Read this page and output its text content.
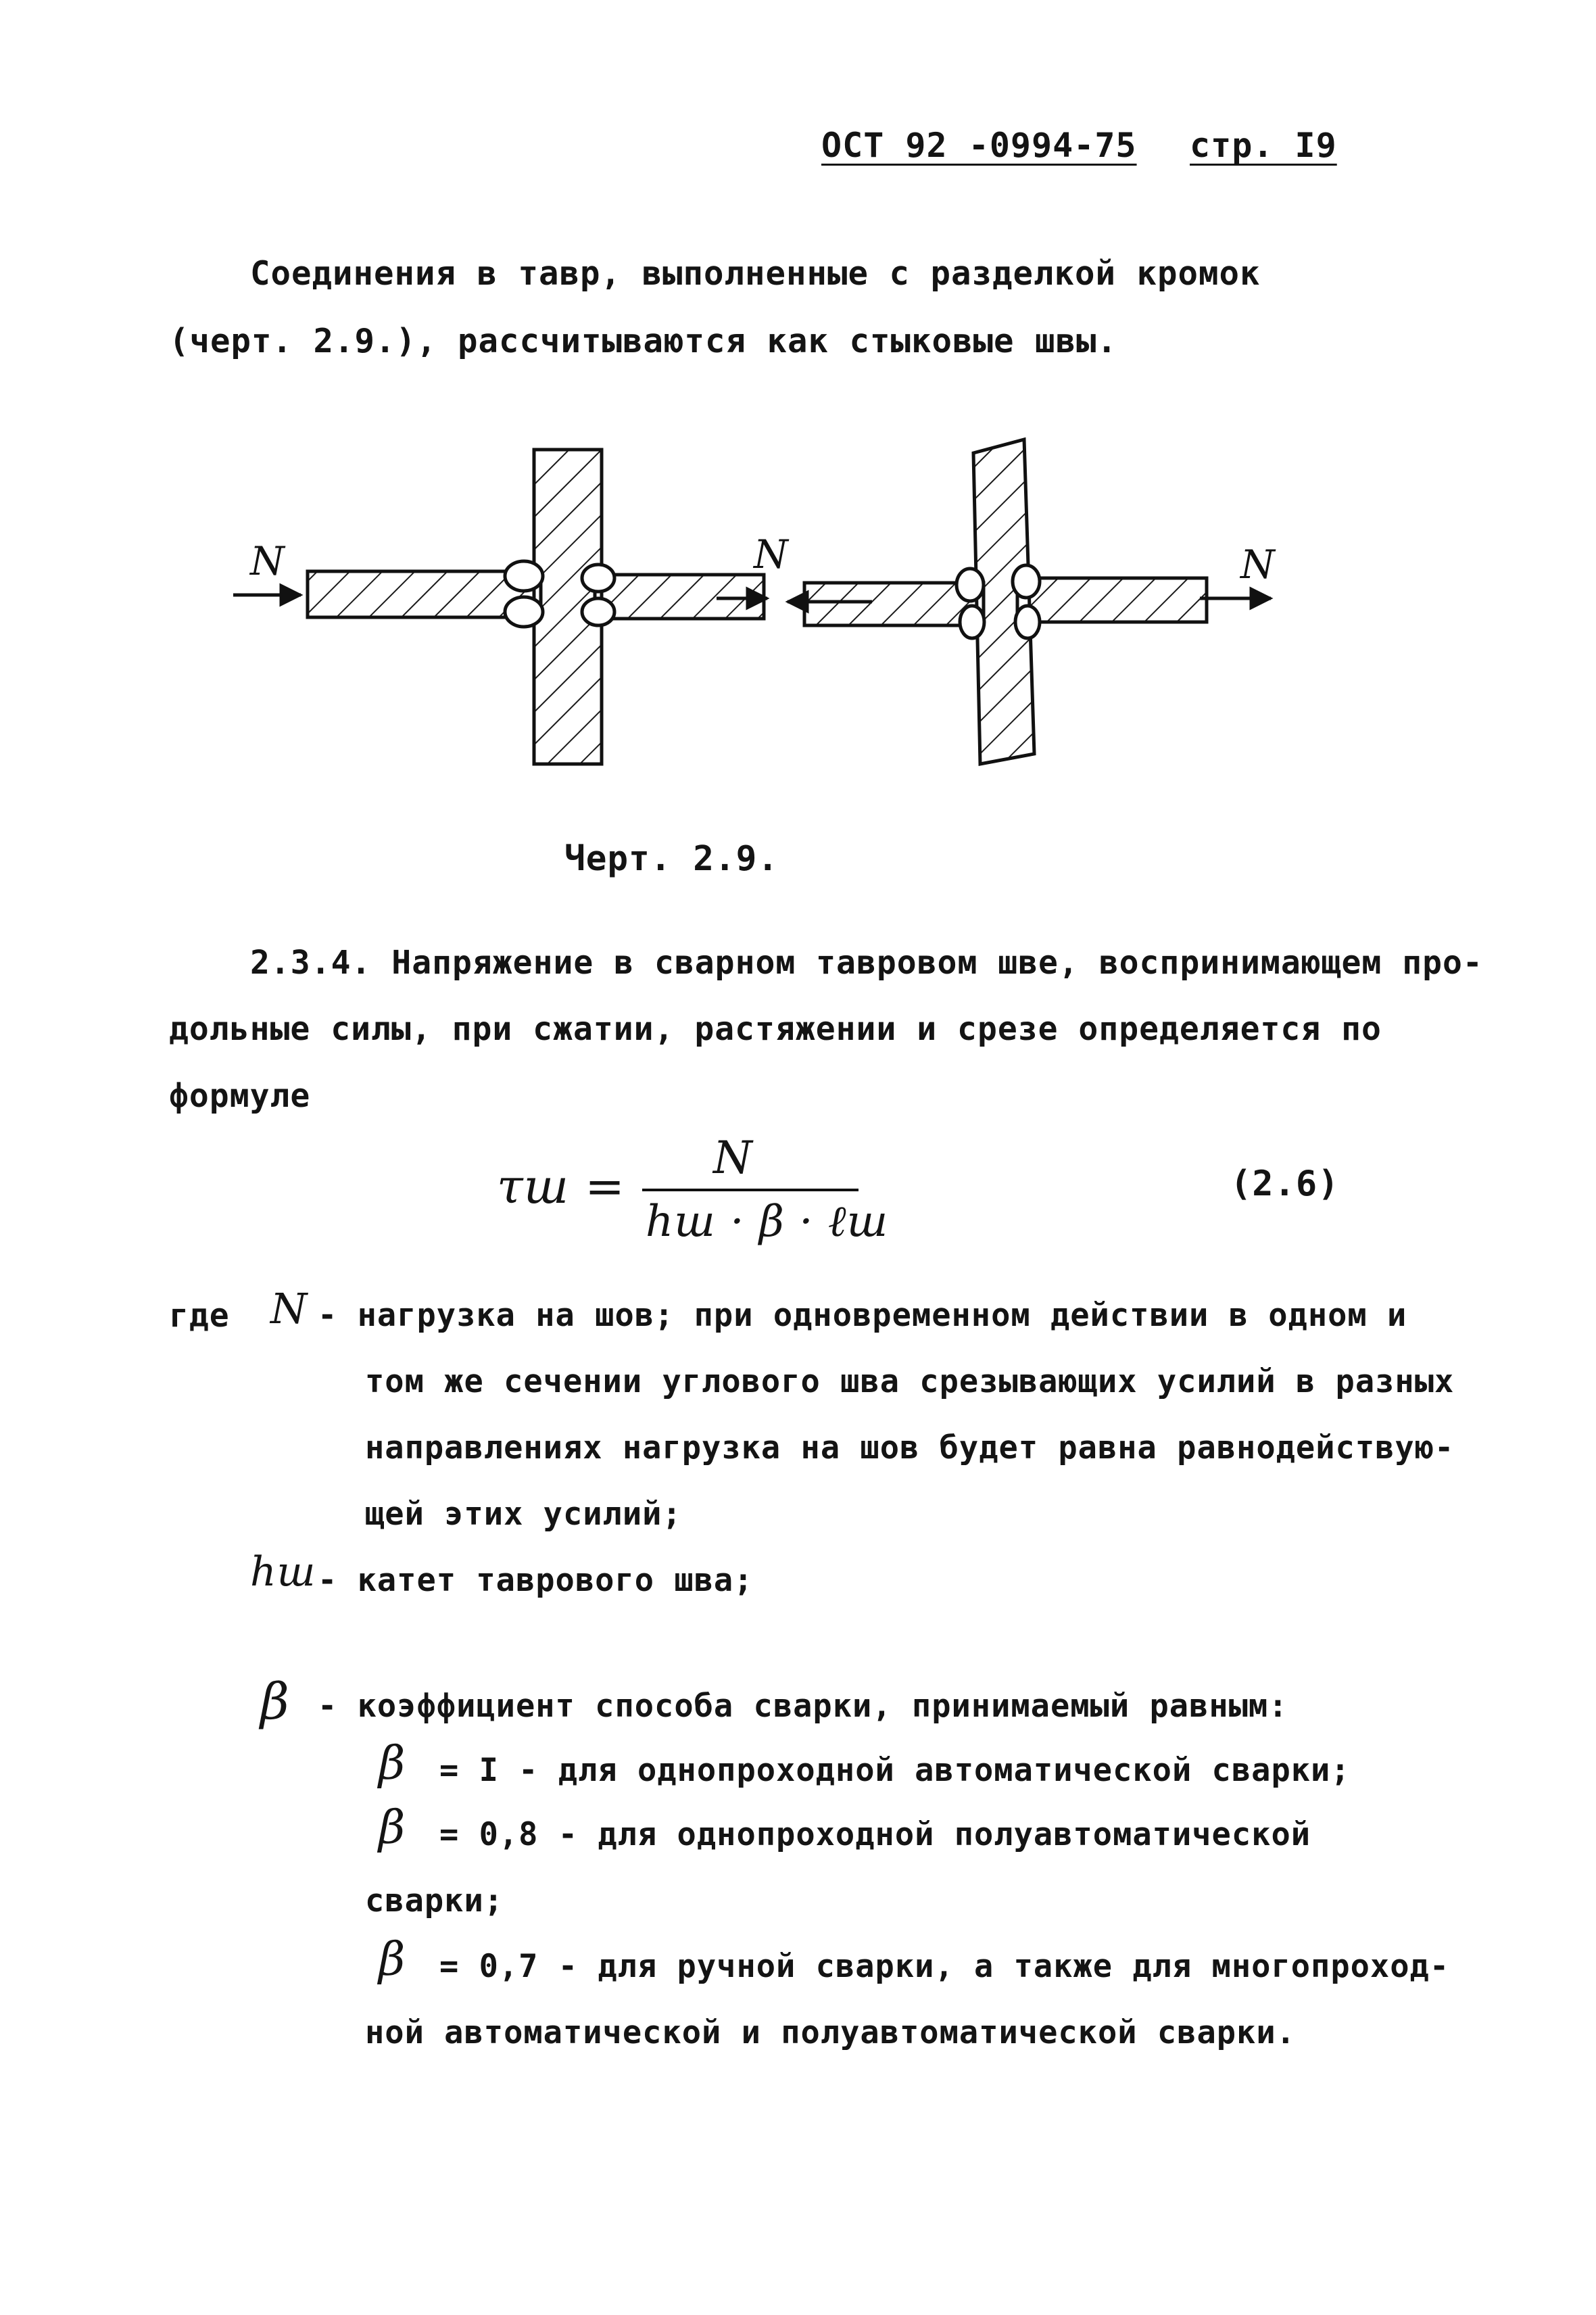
ОСТ 92 -0994-75 стр. I9
Соединения в тавр, выполненные с разделкой кромок
(черт. 2.9.), рассчитываются как стыковые швы.
N	N	N
Черт. 2.9.
2.3.4. Напряжение в сварном тавровом шве, воспринимающем про-
дольные силы, при сжатии, растяжении и срезе определяется по
формуле
τш =
N
hш · β · ℓш
(2.6)
где N - нагрузка на шов; при одновременном действии в одном и
том же сечении углового шва срезывающих усилий в разных
направлениях нагрузка на шов будет равна равнодействую-
щей этих усилий;
hш - катет таврового шва;
β - коэффициент способа сварки, принимаемый равным:
β = I - для однопроходной автоматической сварки;
β = 0,8 - для однопроходной полуавтоматической
сварки;
β = 0,7 - для ручной сварки, а также для многопроход-
ной автоматической и полуавтоматической сварки.
